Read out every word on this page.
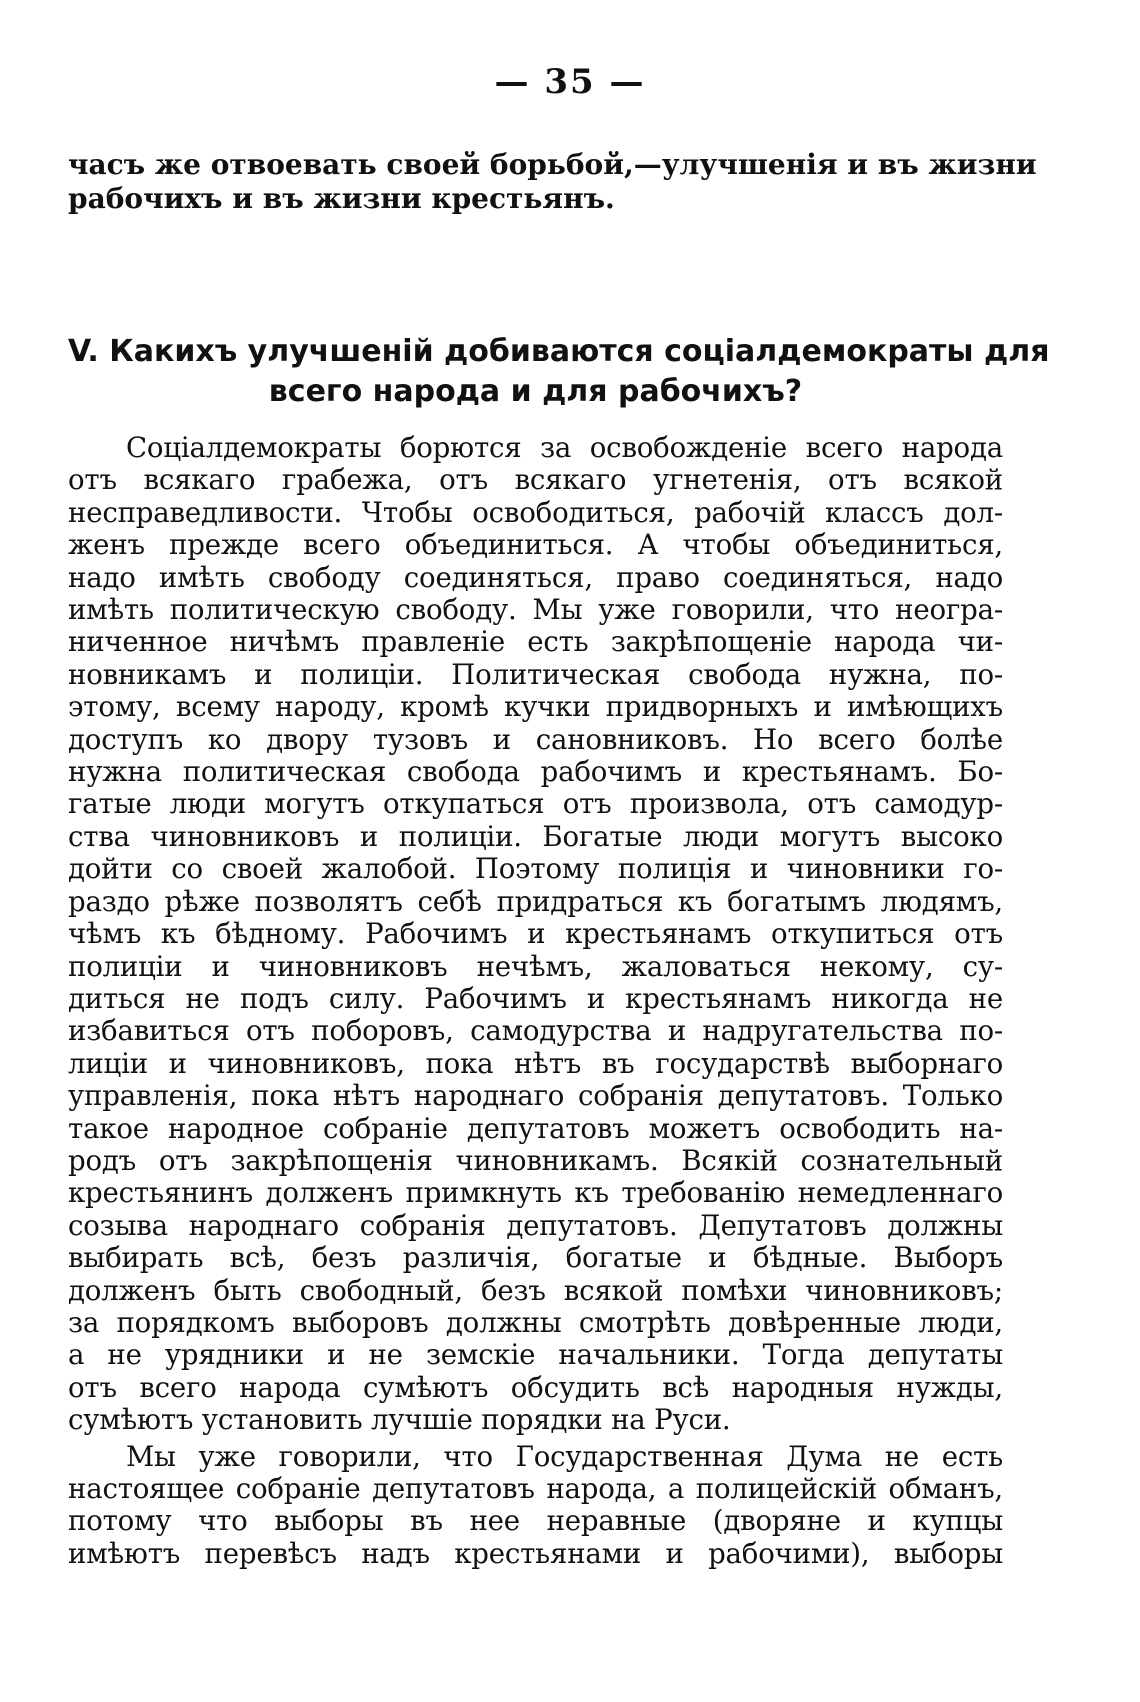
— 35 —
часъ же отвоевать своей борьбой,—улучшенія и въ жизни
рабочихъ и въ жизни крестьянъ.
V. Какихъ улучшеній добиваются соціалдемократы для
всего народа и для рабочихъ?

Соціалдемократы борются за освобожденіе всего народа
отъ всякаго грабежа, отъ всякаго угнетенія, отъ всякой
несправедливости. Чтобы освободиться, рабочій классъ дол-
женъ прежде всего объединиться. А чтобы объединиться,
надо имѣть свободу соединяться, право соединяться, надо
имѣть политическую свободу. Мы уже говорили, что неогра-
ниченное ничѣмъ правленіе есть закрѣпощеніе народа чи-
новникамъ и полиціи. Политическая свобода нужна, по-
этому, всему народу, кромѣ кучки придворныхъ и имѣющихъ
доступъ ко двору тузовъ и сановниковъ. Но всего болѣе
нужна политическая свобода рабочимъ и крестьянамъ. Бо-
гатые люди могутъ откупаться отъ произвола, отъ самодур-
ства чиновниковъ и полиціи. Богатые люди могутъ высоко
дойти со своей жалобой. Поэтому полиція и чиновники го-
раздо рѣже позволятъ себѣ придраться къ богатымъ людямъ,
чѣмъ къ бѣдному. Рабочимъ и крестьянамъ откупиться отъ
полиціи и чиновниковъ нечѣмъ, жаловаться некому, су-
диться не подъ силу. Рабочимъ и крестьянамъ никогда не
избавиться отъ поборовъ, самодурства и надругательства по-
лиціи и чиновниковъ, пока нѣтъ въ государствѣ выборнаго
управленія, пока нѣтъ народнаго собранія депутатовъ. Только
такое народное собраніе депутатовъ можетъ освободить на-
родъ отъ закрѣпощенія чиновникамъ. Всякій сознательный
крестьянинъ долженъ примкнуть къ требованію немедленнаго
созыва народнаго собранія депутатовъ. Депутатовъ должны
выбирать всѣ, безъ различія, богатые и бѣдные. Выборъ
долженъ быть свободный, безъ всякой помѣхи чиновниковъ;
за порядкомъ выборовъ должны смотрѣть довѣренные люди,
а не урядники и не земскіе начальники. Тогда депутаты
отъ всего народа сумѣютъ обсудить всѣ народныя нужды,
сумѣютъ установить лучшіе порядки на Руси.

Мы уже говорили, что Государственная Дума не есть
настоящее собраніе депутатовъ народа, а полицейскій обманъ,
потому что выборы въ нее неравные (дворяне и купцы
имѣютъ перевѣсъ надъ крестьянами и рабочими), выборы
